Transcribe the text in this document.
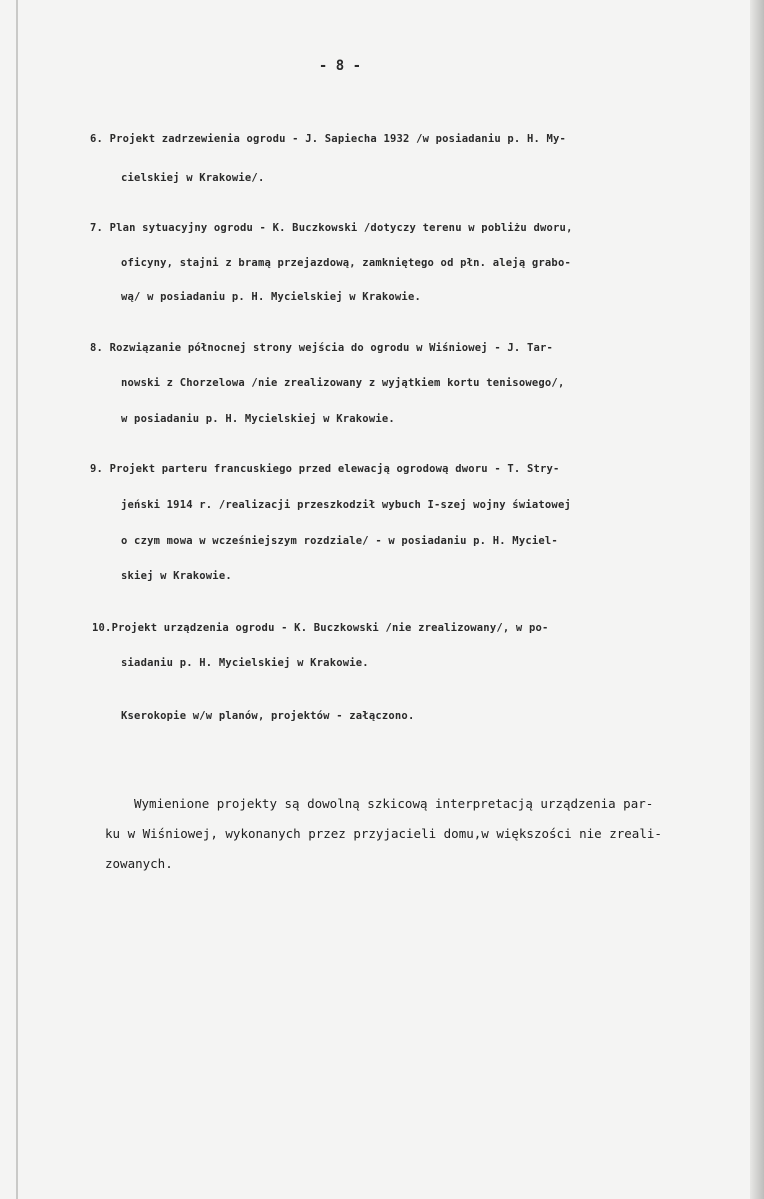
- 8 -
6. Projekt zadrzewienia ogrodu - J. Sapiecha 1932 /w posiadaniu p. H. My-
cielskiej w Krakowie/.
7. Plan sytuacyjny ogrodu - K. Buczkowski /dotyczy terenu w pobliżu dworu,
oficyny, stajni z bramą przejazdową, zamkniętego od płn. aleją grabo-
wą/ w posiadaniu p. H. Mycielskiej w Krakowie.
8. Rozwiązanie północnej strony wejścia do ogrodu w Wiśniowej - J. Tar-
nowski z Chorzelowa /nie zrealizowany z wyjątkiem kortu tenisowego/,
w posiadaniu p. H. Mycielskiej w Krakowie.
9. Projekt parteru francuskiego przed elewacją ogrodową dworu - T. Stry-
jeński 1914 r. /realizacji przeszkodził wybuch I-szej wojny światowej
o czym mowa w wcześniejszym rozdziale/ - w posiadaniu p. H. Myciel-
skiej w Krakowie.
10.Projekt urządzenia ogrodu - K. Buczkowski /nie zrealizowany/, w po-
siadaniu p. H. Mycielskiej w Krakowie.
Kserokopie w/w planów, projektów - załączono.
Wymienione projekty są dowolną szkicową interpretacją urządzenia par-
ku w Wiśniowej, wykonanych przez przyjacieli domu,w większości nie zreali-
zowanych.
